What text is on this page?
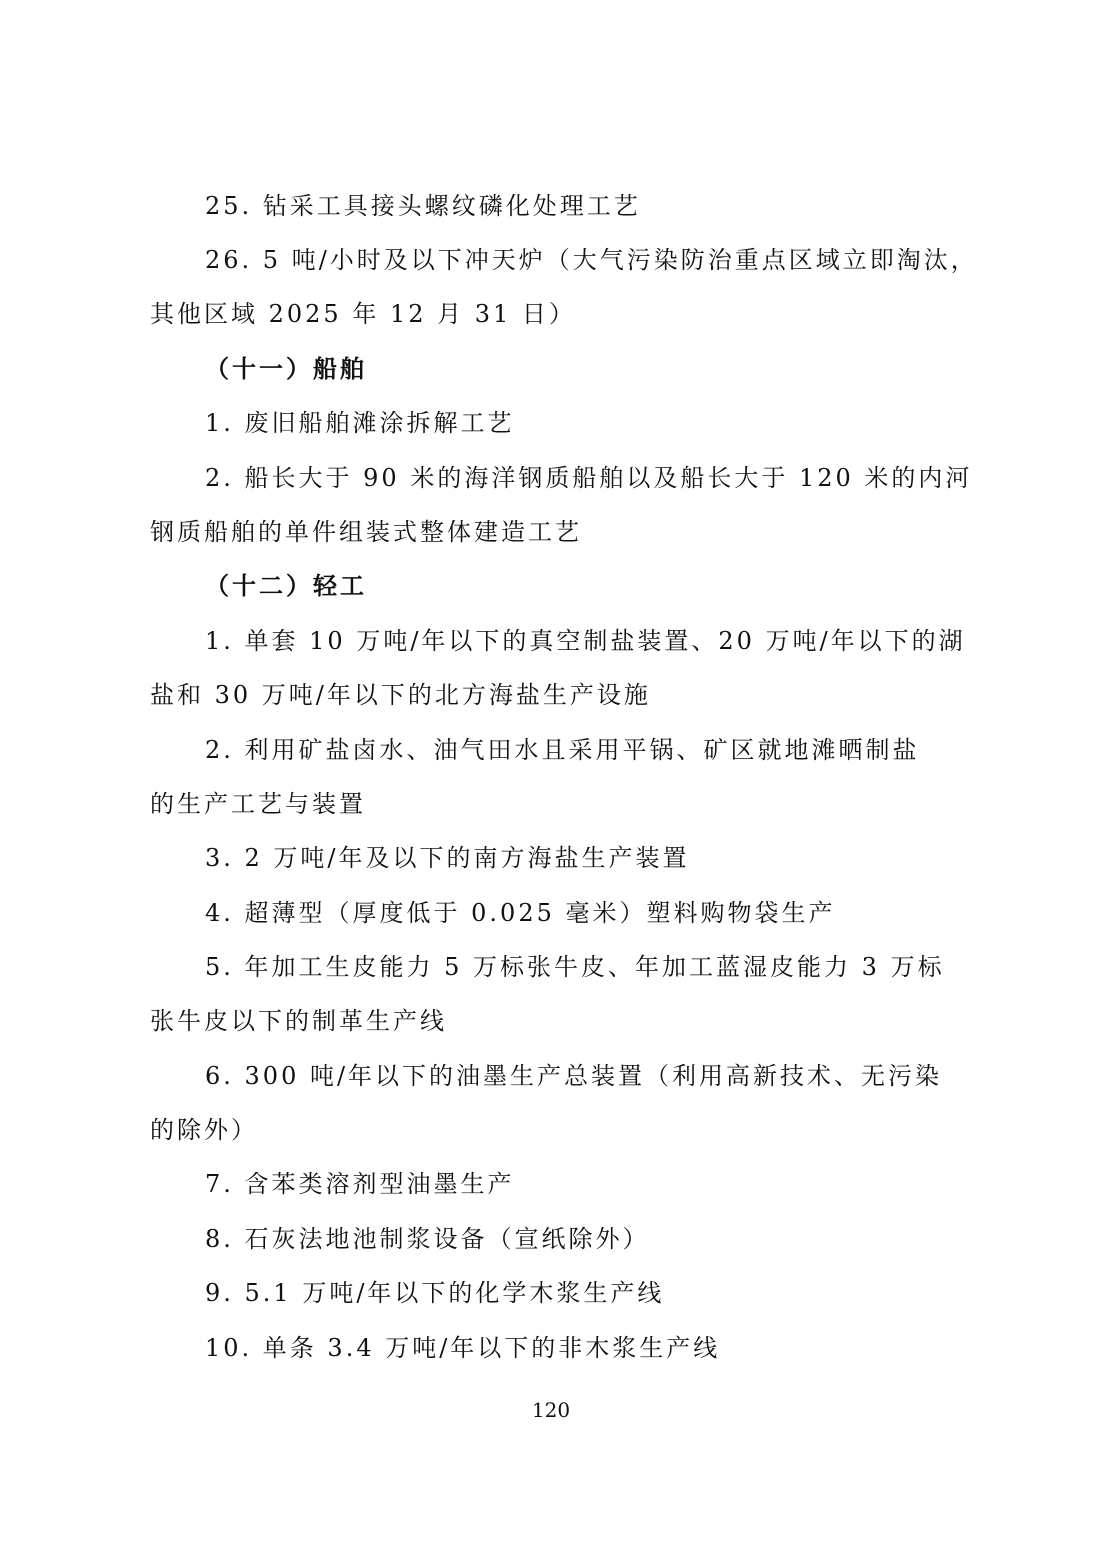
25. 钻采工具接头螺纹磷化处理工艺
26. 5 吨/小时及以下冲天炉（大气污染防治重点区域立即淘汰，
其他区域 2025 年 12 月 31 日）
（十一）船舶
1. 废旧船舶滩涂拆解工艺
2. 船长大于 90 米的海洋钢质船舶以及船长大于 120 米的内河
钢质船舶的单件组装式整体建造工艺
（十二）轻工
1. 单套 10 万吨/年以下的真空制盐装置、20 万吨/年以下的湖
盐和 30 万吨/年以下的北方海盐生产设施
2. 利用矿盐卤水、油气田水且采用平锅、矿区就地滩晒制盐
的生产工艺与装置
3. 2 万吨/年及以下的南方海盐生产装置
4. 超薄型（厚度低于 0.025 毫米）塑料购物袋生产
5. 年加工生皮能力 5 万标张牛皮、年加工蓝湿皮能力 3 万标
张牛皮以下的制革生产线
6. 300 吨/年以下的油墨生产总装置（利用高新技术、无污染
的除外）
7. 含苯类溶剂型油墨生产
8. 石灰法地池制浆设备（宣纸除外）
9. 5.1 万吨/年以下的化学木浆生产线
10. 单条 3.4 万吨/年以下的非木浆生产线
120
